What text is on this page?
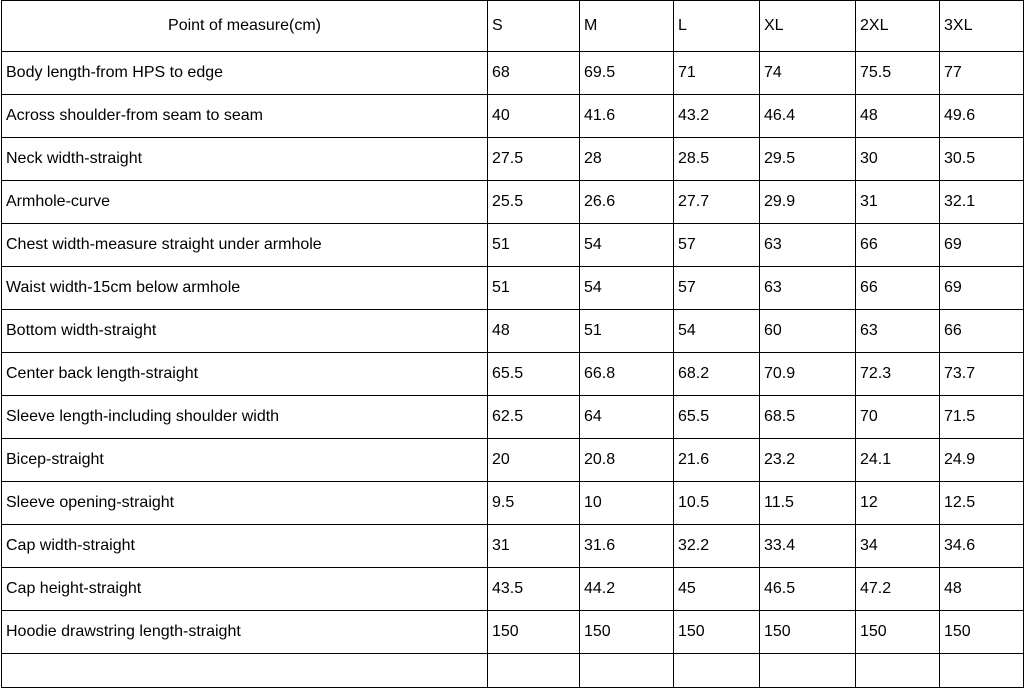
Point of measure(cm)	S	M	L	XL	2XL	3XL
Body length-from HPS to edge	68	69.5	71	74	75.5	77
Across shoulder-from seam to seam	40	41.6	43.2	46.4	48	49.6
Neck width-straight	27.5	28	28.5	29.5	30	30.5
Armhole-curve	25.5	26.6	27.7	29.9	31	32.1
Chest width-measure straight under armhole	51	54	57	63	66	69
Waist width-15cm below armhole	51	54	57	63	66	69
Bottom width-straight	48	51	54	60	63	66
Center back length-straight	65.5	66.8	68.2	70.9	72.3	73.7
Sleeve length-including shoulder width	62.5	64	65.5	68.5	70	71.5
Bicep-straight	20	20.8	21.6	23.2	24.1	24.9
Sleeve opening-straight	9.5	10	10.5	11.5	12	12.5
Cap width-straight	31	31.6	32.2	33.4	34	34.6
Cap height-straight	43.5	44.2	45	46.5	47.2	48
Hoodie drawstring length-straight	150	150	150	150	150	150
